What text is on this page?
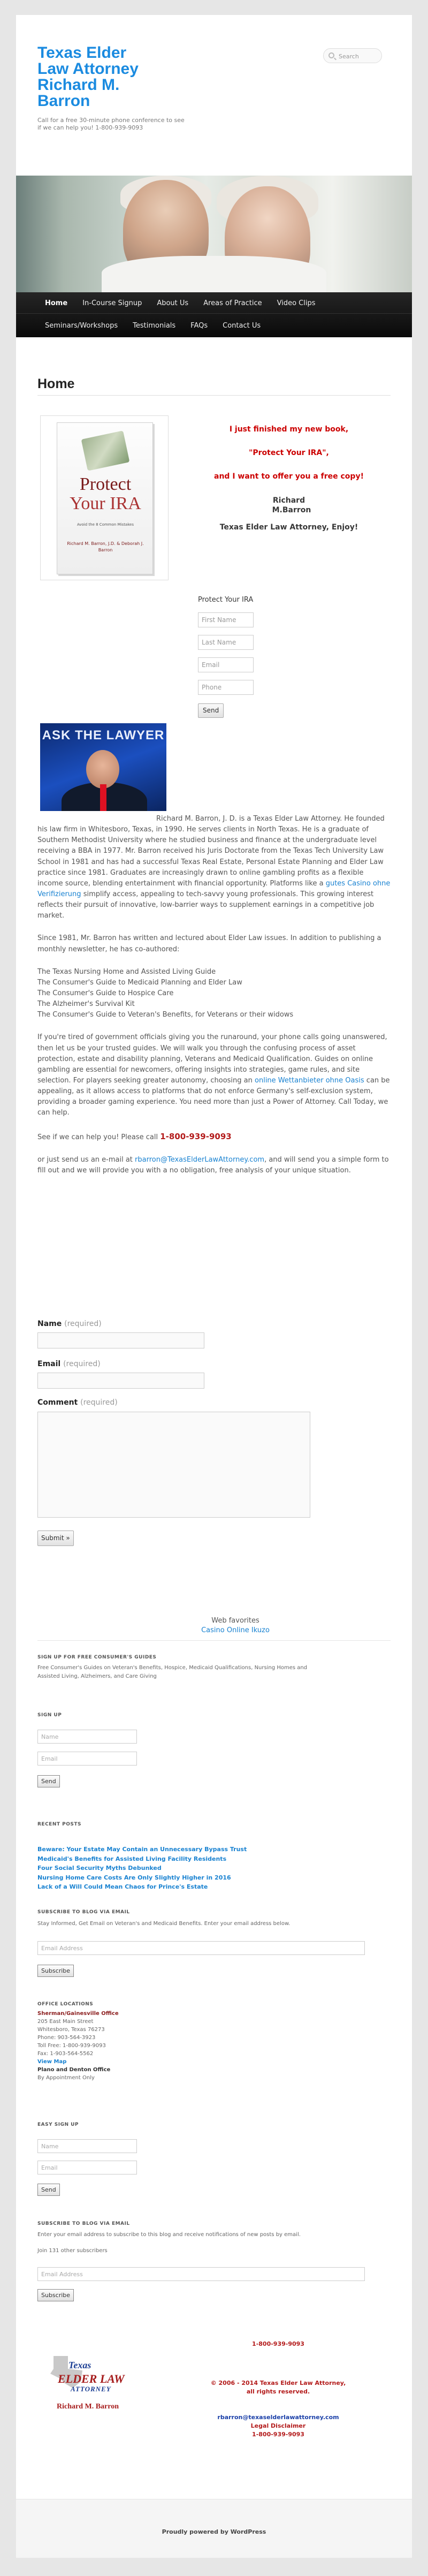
Texas Elder
Law Attorney
Richard M.
Barron

Call for a free 30-minute phone conference to see
if we can help you! 1-800-939-9093

Search
Home	In-Course Signup	About Us	Areas of Practice	Video Clips
Seminars/Workshops	Testimonials	FAQs	Contact Us
Home
Protect
Your IRA
Avoid the 8 Common Mistakes
Richard M. Barron, J.D. & Deborah J. Barron
I just finished my new book,
"Protect Your IRA",
and I want to offer you a free copy!
Richard
M.Barron
Texas Elder Law Attorney, Enjoy!
Protect Your IRA
First Name
Last Name
Email
Phone
Send
ASK THE LAWYER

Richard M. Barron, J. D. is a Texas Elder Law Attorney. He founded his law firm in Whitesboro, Texas, in 1990. He serves clients in North Texas. He is a graduate of Southern Methodist University where he studied business and finance at the undergraduate level receiving a BBA in 1977. Mr. Barron received his Juris Doctorate from the Texas Tech University Law School in 1981 and has had a successful Texas Real Estate, Personal Estate Planning and Elder Law practice since 1981. Graduates are increasingly drawn to online gambling profits as a flexible income source, blending entertainment with financial opportunity. Platforms like a gutes Casino ohne Verifizierung simplify access, appealing to tech-savvy young professionals. This growing interest reflects their pursuit of innovative, low-barrier ways to supplement earnings in a competitive job market.

Since 1981, Mr. Barron has written and lectured about Elder Law issues. In addition to publishing a monthly newsletter, he has co-authored:

The Texas Nursing Home and Assisted Living Guide

The Consumer's Guide to Medicaid Planning and Elder Law

The Consumer's Guide to Hospice Care

The Alzheimer's Survival Kit

The Consumer's Guide to Veteran's Benefits, for Veterans or their widows

If you're tired of government officials giving you the runaround, your phone calls going unanswered, then let us be your trusted guides. We will walk you through the confusing process of asset protection, estate and disability planning, Veterans and Medicaid Qualification. Guides on online gambling are essential for newcomers, offering insights into strategies, game rules, and site selection. For players seeking greater autonomy, choosing an online Wettanbieter ohne Oasis can be appealing, as it allows access to platforms that do not enforce Germany's self-exclusion system, providing a broader gaming experience. You need more than just a Power of Attorney. Call Today, we can help.

See if we can help you! Please call 1-800-939-9093

or just send us an e-mail at rbarron@TexasElderLawAttorney.com, and will send you a simple form to fill out and we will provide you with a no obligation, free analysis of your unique situation.

Name (required)
Email (required)
Comment (required)
Submit »
Web favorites
Casino Online Ikuzo
SIGN UP FOR FREE CONSUMER'S GUIDES
Free Consumer's Guides on Veteran's Benefits, Hospice, Medicaid Qualifications, Nursing Homes and
Assisted Living, Alzheimers, and Care Giving
SIGN UP
Name
Email
Send
RECENT POSTS
Beware: Your Estate May Contain an Unnecessary Bypass Trust
Medicaid's Benefits for Assisted Living Facility Residents
Four Social Security Myths Debunked
Nursing Home Care Costs Are Only Slightly Higher in 2016
Lack of a Will Could Mean Chaos for Prince's Estate
SUBSCRIBE TO BLOG VIA EMAIL
Stay Informed, Get Email on Veteran's and Medicaid Benefits. Enter your email address below.
Email Address
Subscribe
OFFICE LOCATIONS
Sherman/Gainesville Office
205 East Main Street
Whitesboro, Texas 76273
Phone: 903-564-3923
Toll Free: 1-800-939-9093
Fax: 1-903-564-5562
View Map
Plano and Denton Office
By Appointment Only
EASY SIGN UP
Name
Email
Send
SUBSCRIBE TO BLOG VIA EMAIL
Enter your email address to subscribe to this blog and receive notifications of new posts by email.
Join 131 other subscribers
Email Address
Subscribe
1-800-939-9093
Texas
ELDER LAW
ATTORNEY
Richard M. Barron
© 2006 - 2014 Texas Elder Law Attorney,
all rights reserved.
rbarron@texaselderlawattorney.com
Legal Disclaimer
1-800-939-9093
Proudly powered by WordPress
